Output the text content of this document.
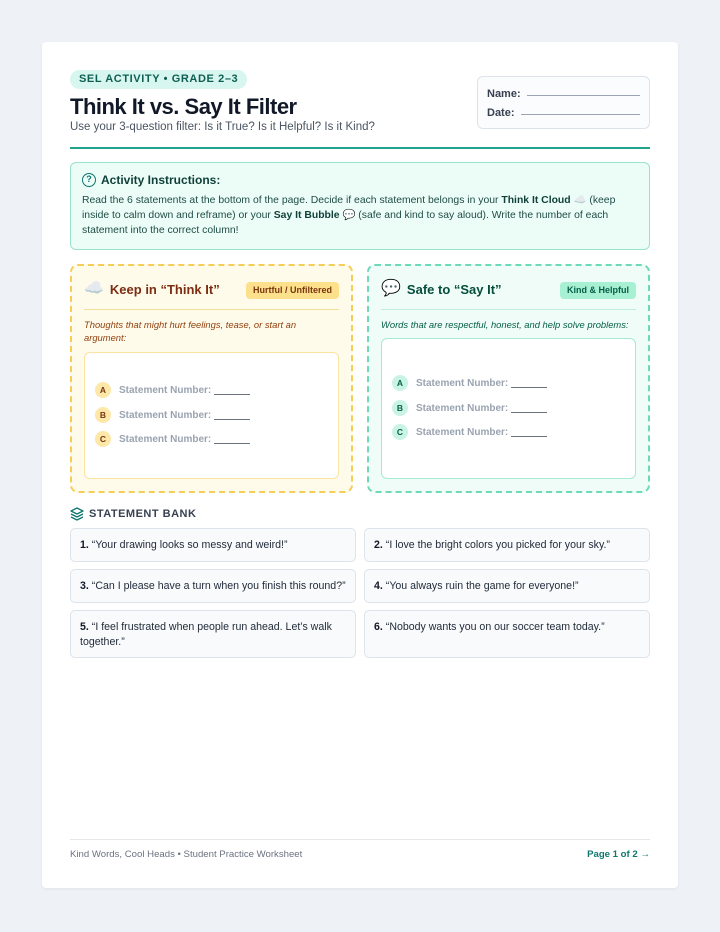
SEL ACTIVITY • GRADE 2–3
Think It vs. Say It Filter
Use your 3-question filter: Is it True? Is it Helpful? Is it Kind?
Name:
Date:
? Activity Instructions:
Read the 6 statements at the bottom of the page. Decide if each statement belongs in your Think It Cloud ☁️ (keep inside to calm down and reframe) or your Say It Bubble 💬 (safe and kind to say aloud). Write the number of each statement into the correct column!
☁️ Keep in “Think It”	Hurtful / Unfiltered
Thoughts that might hurt feelings, tease, or start an argument:
A	Statement Number:
B	Statement Number:
C	Statement Number:
💬 Safe to “Say It”	Kind & Helpful
Words that are respectful, honest, and help solve problems:
A	Statement Number:
B	Statement Number:
C	Statement Number:
STATEMENT BANK
1. “Your drawing looks so messy and weird!”	2. “I love the bright colors you picked for your sky.”
3. “Can I please have a turn when you finish this round?”	4. “You always ruin the game for everyone!”
5. “I feel frustrated when people run ahead. Let’s walk together.”
6. “Nobody wants you on our soccer team today.”
Kind Words, Cool Heads • Student Practice Worksheet	Page 1 of 2 →
